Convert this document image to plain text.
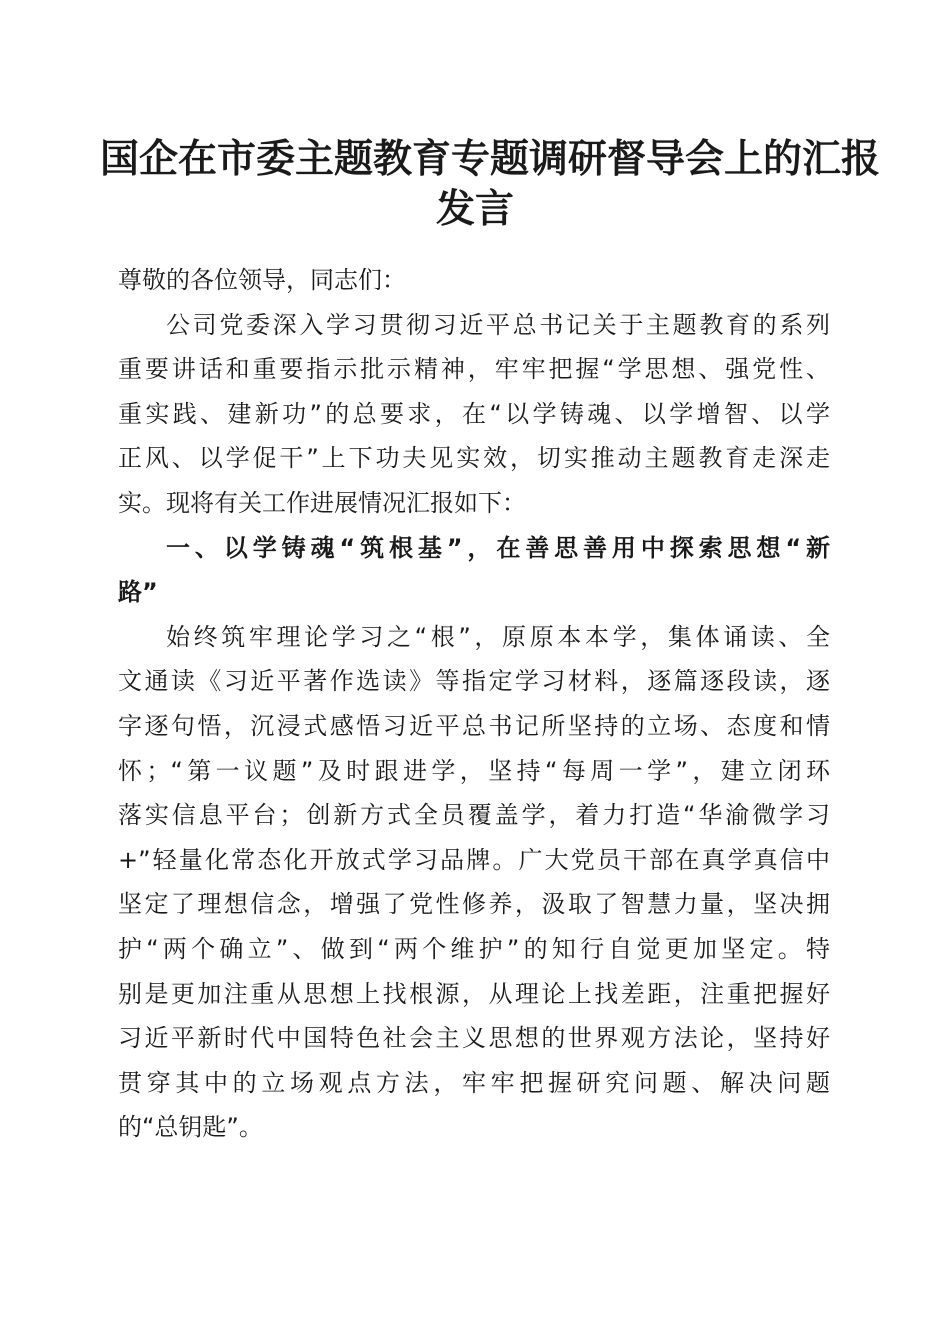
国企在市委主题教育专题调研督导会上的汇报
发言

尊敬的各位领导，同志们：

公司党委深入学习贯彻习近平总书记关于主题教育的系列
重要讲话和重要指示批示精神，牢牢把握“学思想、强党性、
重实践、建新功”的总要求，在“以学铸魂、以学增智、以学
正风、以学促干”上下功夫见实效，切实推动主题教育走深走
实。现将有关工作进展情况汇报如下：

一、以学铸魂“筑根基”，在善思善用中探索思想“新
路”

始终筑牢理论学习之“根”，原原本本学，集体诵读、全
文通读《习近平著作选读》等指定学习材料，逐篇逐段读，逐
字逐句悟，沉浸式感悟习近平总书记所坚持的立场、态度和情
怀；“第一议题”及时跟进学，坚持“每周一学”，建立闭环
落实信息平台；创新方式全员覆盖学，着力打造“华渝微学习
+”轻量化常态化开放式学习品牌。广大党员干部在真学真信中
坚定了理想信念，增强了党性修养，汲取了智慧力量，坚决拥
护“两个确立”、做到“两个维护”的知行自觉更加坚定。特
别是更加注重从思想上找根源，从理论上找差距，注重把握好
习近平新时代中国特色社会主义思想的世界观方法论，坚持好
贯穿其中的立场观点方法，牢牢把握研究问题、解决问题
的“总钥匙”。
